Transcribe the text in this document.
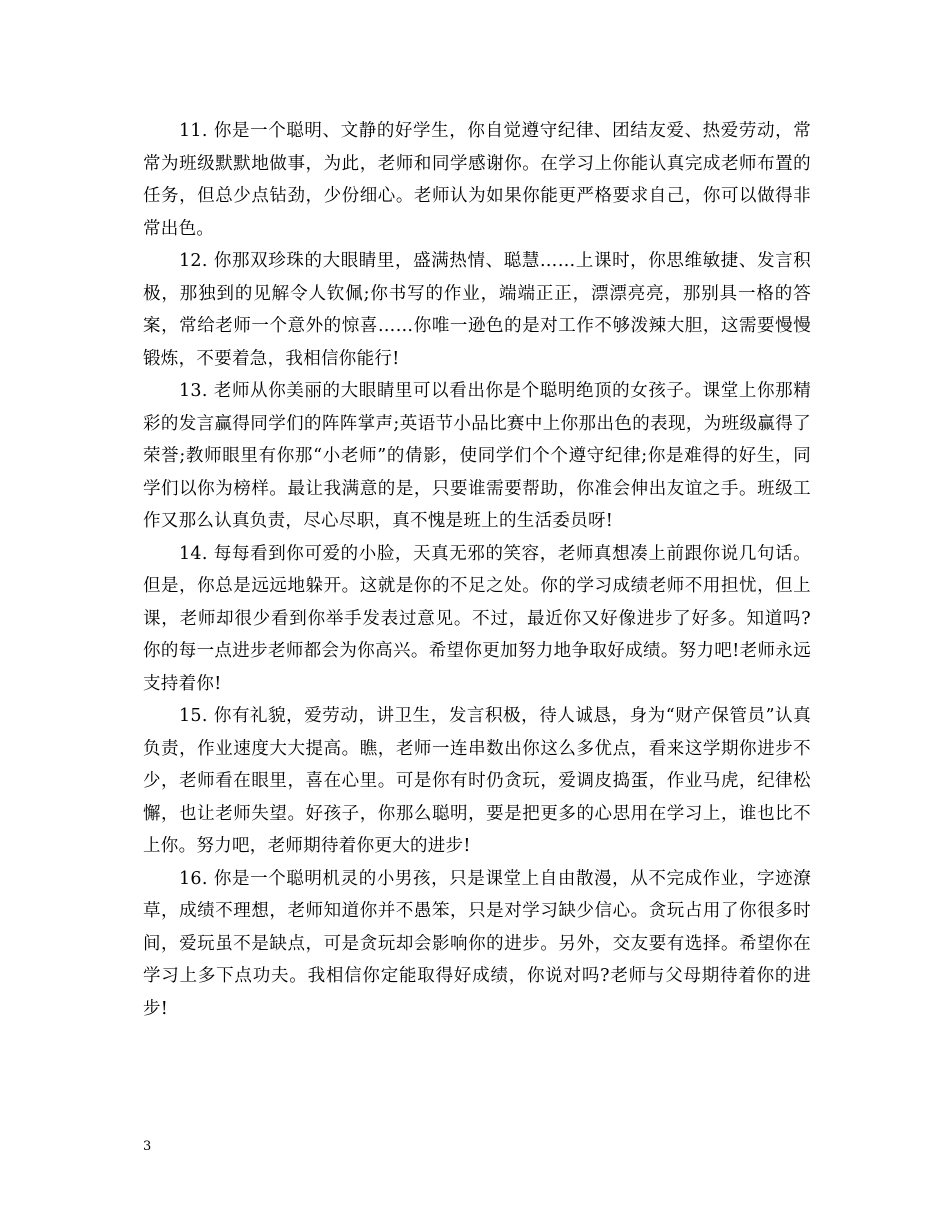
11. 你是一个聪明、文静的好学生，你自觉遵守纪律、团结友爱、热爱劳动，常常为班级默默地做事，为此，老师和同学感谢你。在学习上你能认真完成老师布置的任务，但总少点钻劲，少份细心。老师认为如果你能更严格要求自己，你可以做得非常出色。

12. 你那双珍珠的大眼睛里，盛满热情、聪慧……上课时，你思维敏捷、发言积极，那独到的见解令人钦佩;你书写的作业，端端正正，漂漂亮亮，那别具一格的答案，常给老师一个意外的惊喜……你唯一逊色的是对工作不够泼辣大胆，这需要慢慢锻炼，不要着急，我相信你能行!

13. 老师从你美丽的大眼睛里可以看出你是个聪明绝顶的女孩子。课堂上你那精彩的发言赢得同学们的阵阵掌声;英语节小品比赛中上你那出色的表现，为班级赢得了荣誉;教师眼里有你那“小老师”的倩影，使同学们个个遵守纪律;你是难得的好生，同学们以你为榜样。最让我满意的是，只要谁需要帮助，你准会伸出友谊之手。班级工作又那么认真负责，尽心尽职，真不愧是班上的生活委员呀!

14. 每每看到你可爱的小脸，天真无邪的笑容，老师真想凑上前跟你说几句话。但是，你总是远远地躲开。这就是你的不足之处。你的学习成绩老师不用担忧，但上课，老师却很少看到你举手发表过意见。不过，最近你又好像进步了好多。知道吗?你的每一点进步老师都会为你高兴。希望你更加努力地争取好成绩。努力吧!老师永远支持着你!

15. 你有礼貌，爱劳动，讲卫生，发言积极，待人诚恳，身为“财产保管员”认真负责，作业速度大大提高。瞧，老师一连串数出你这么多优点，看来这学期你进步不少，老师看在眼里，喜在心里。可是你有时仍贪玩，爱调皮捣蛋，作业马虎，纪律松懈，也让老师失望。好孩子，你那么聪明，要是把更多的心思用在学习上，谁也比不上你。努力吧，老师期待着你更大的进步!

16. 你是一个聪明机灵的小男孩，只是课堂上自由散漫，从不完成作业，字迹潦草，成绩不理想，老师知道你并不愚笨，只是对学习缺少信心。贪玩占用了你很多时间，爱玩虽不是缺点，可是贪玩却会影响你的进步。另外，交友要有选择。希望你在学习上多下点功夫。我相信你定能取得好成绩，你说对吗?老师与父母期待着你的进步!

3
